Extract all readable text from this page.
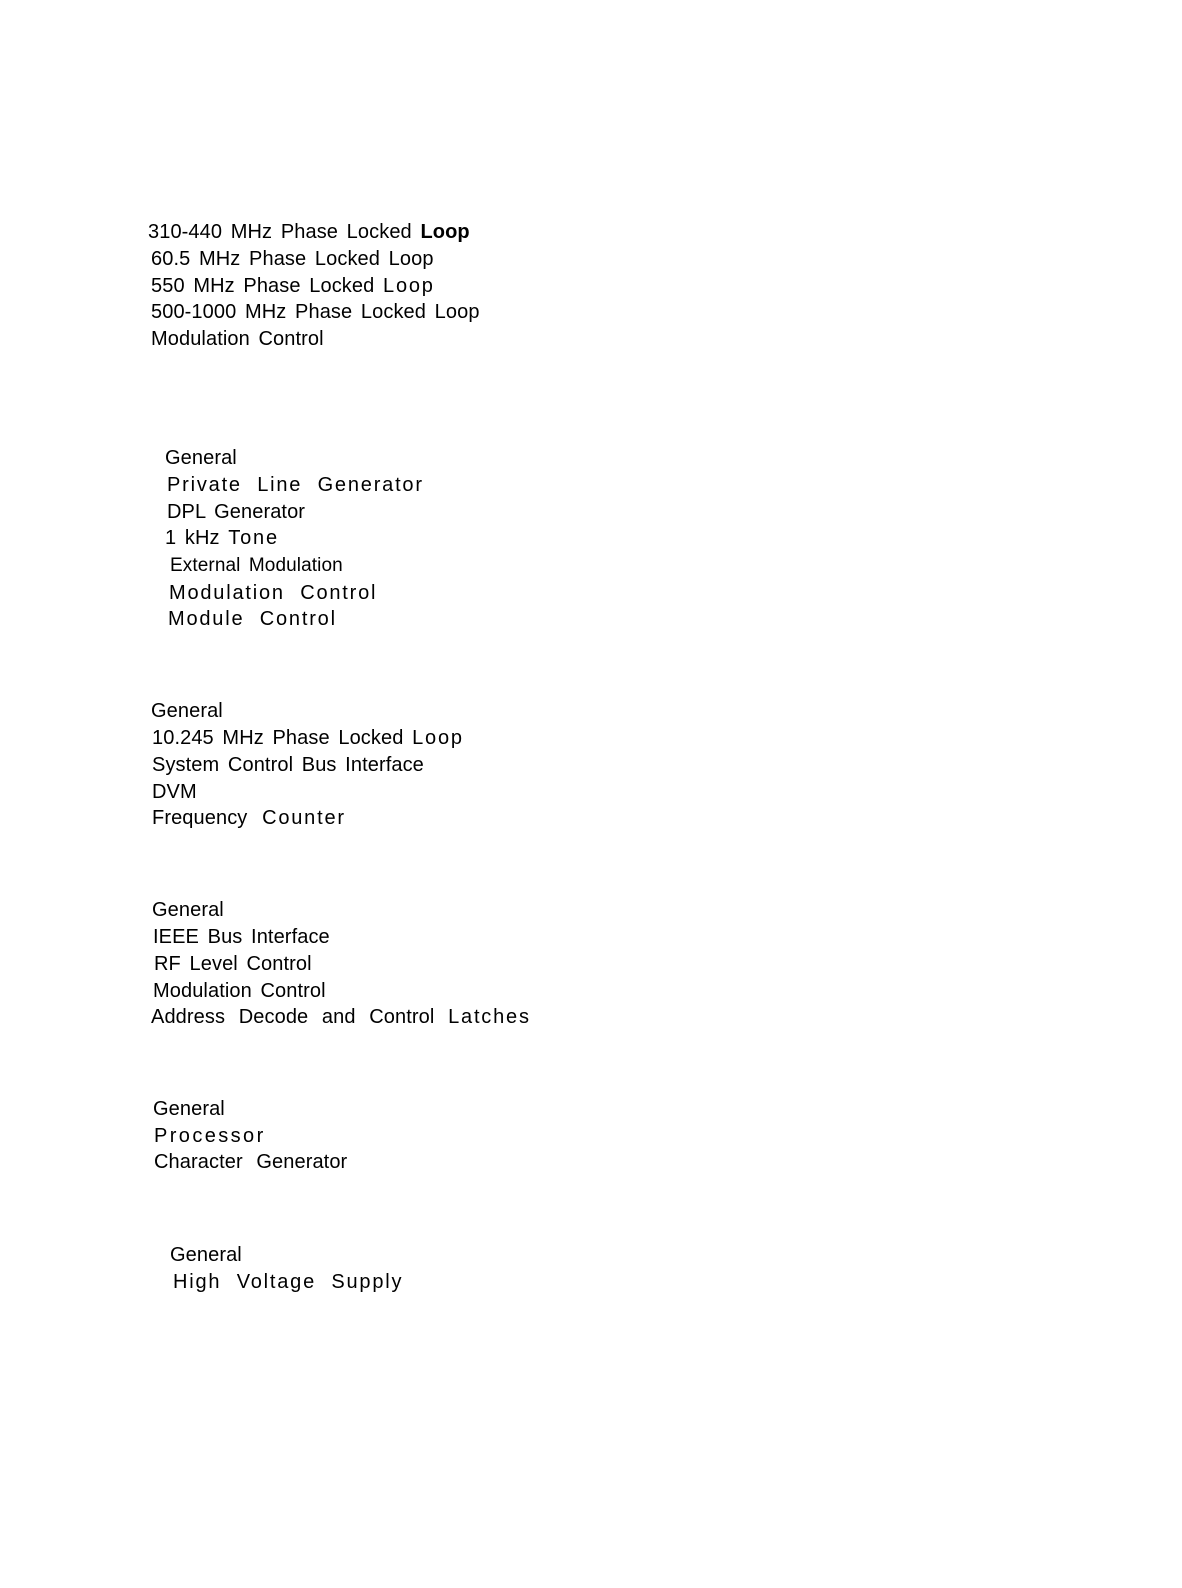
310-440 MHz Phase Locked Loop
60.5 MHz Phase Locked Loop
550 MHz Phase Locked Loop
500-1000 MHz Phase Locked Loop
Modulation Control
General
Private Line Generator
DPL Generator
1 kHz Tone
External Modulation
Modulation Control
Module Control
General
10.245 MHz Phase Locked Loop
System Control Bus Interface
DVM
Frequency Counter
General
IEEE Bus Interface
RF Level Control
Modulation Control
Address Decode and Control Latches
General
Processor
Character Generator
General
High Voltage Supply
